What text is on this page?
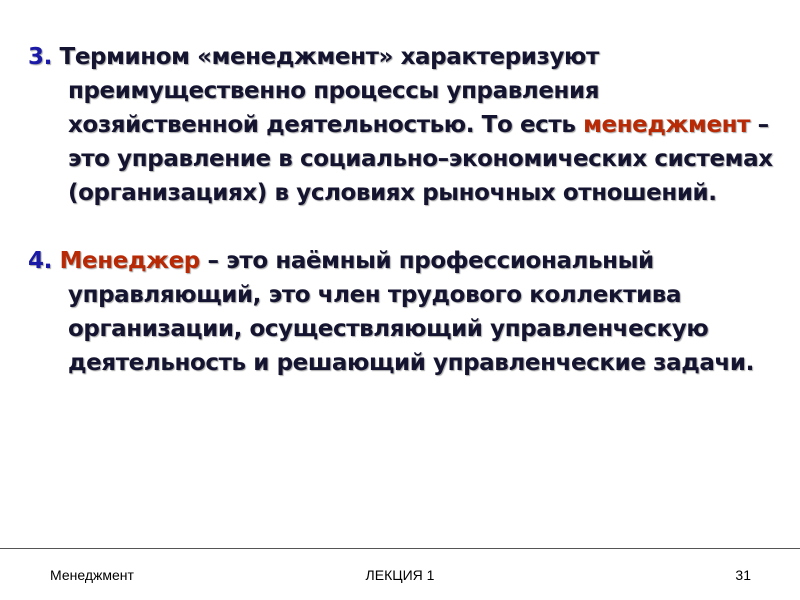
3. Термином «менеджмент» характеризуют преимущественно процессы управления хозяйственной деятельностью. То есть менеджмент – это управление в социально–экономических системах (организациях) в условиях рыночных отношений.

4. Менеджер – это наёмный профессиональный управляющий, это член трудового коллектива организации, осуществляющий управленческую деятельность и решающий управленческие задачи.

Менеджмент	ЛЕКЦИЯ 1	31
